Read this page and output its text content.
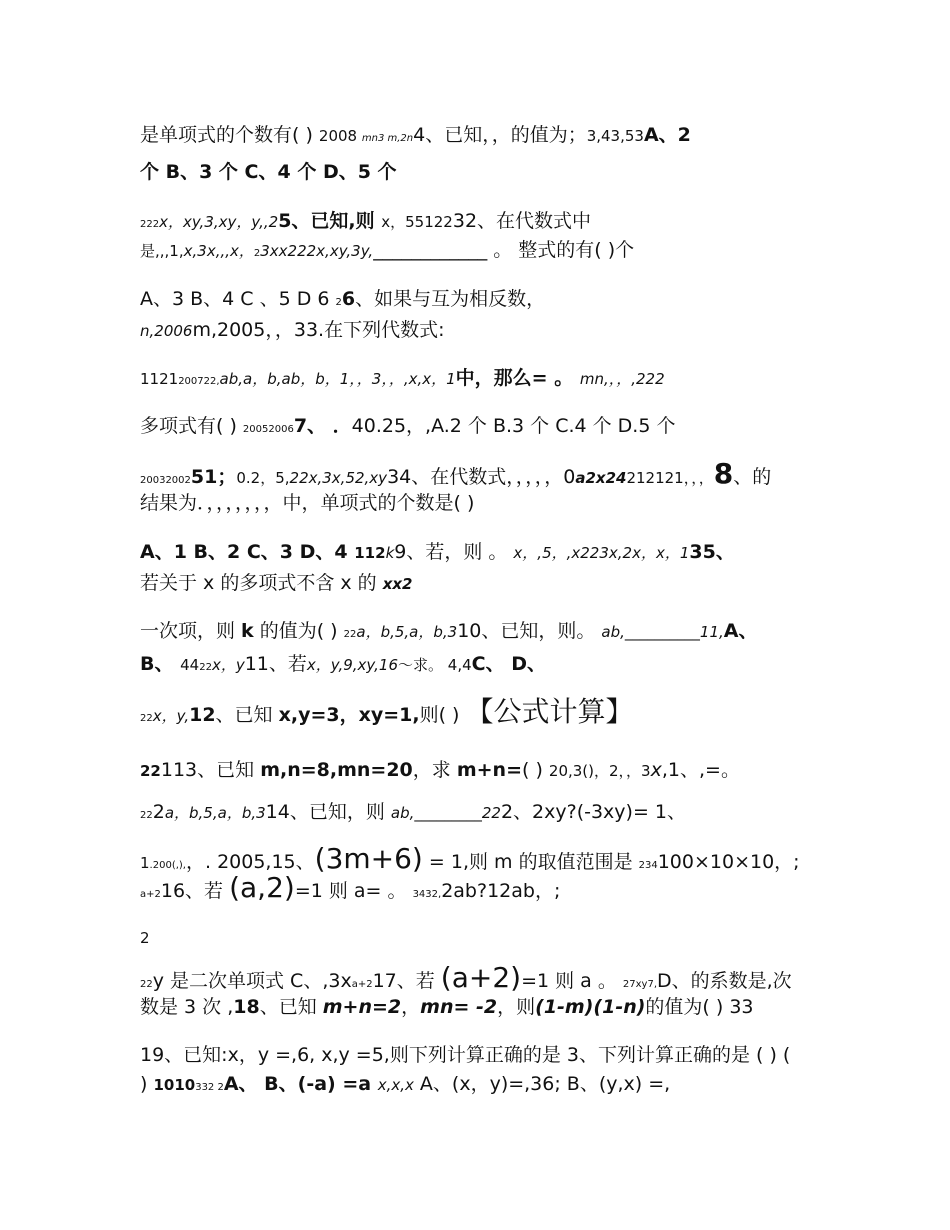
是单项式的个数有( ) 2008 mn3 m,2n4、已知，，的值为；3,43,53A、2
个 B、3 个 C、4 个 D、5 个
222x，xy,3,xy，y,,25、已知,则 x，5512232、在代数式中
是,,,1,x,3x,,,x，23xx222x,xy,3y,____________ 。 整式的有( )个
A、3 B、4 C 、5 D 6 26、如果与互为相反数，
n,2006m,2005，，33.在下列代数式:
1121200722,ab,a，b,ab，b，1，，3，，,x,x，1中，那么= 。 mn,，，,222
多项式有( ) 200520067、 ．40.25，,A.2 个 B.3 个 C.4 个 D.5 个
2003200251；0.2，5,22x,3x,52,xy34、在代数式，，，，，0a2x24212121，，，8、的
结果为．，，，，，，，中，单项式的个数是( )
A、1 B、2 C、3 D、4 112k9、若，则 。 x，,5，,x223x,2x，x，135、
若关于 x 的多项式不含 x 的 xx2
一次项，则 k 的值为( ) 22a，b,5,a，b,310、已知，则。 ab,__________11,A、
B、 4422x，y11、若x，y,9,xy,16～求。 4,4C、 D、
22x，y,12、已知 x,y=3，xy=1,则( ) 【公式计算】
22113、已知 m,n=8,mn=20，求 m+n=( ) 20,3()，2，，3x,1、,=。
222a，b,5,a，b,314、已知，则 ab,_________222、2xy?(-3xy)= 1、
1.200(,),，. 2005,15、(3m+6) = 1,则 m 的取值范围是 234100×10×10，;
a+216、若 (a,2)=1 则 a= 。 3432,2ab?12ab，;
2
22y 是二次单项式 C、,3xa+217、若 (a+2)=1 则 a 。 27xy7,D、的系数是,次
数是 3 次 ,18、已知 m+n=2，mn= -2，则(1-m)(1-n)的值为( ) 33
19、已知:x，y =,6, x,y =5,则下列计算正确的是 3、下列计算正确的是 ( ) (
) 1010332 2A、 B、(-a) =a x,x,x A、(x，y)=,36; B、(y,x) =,
